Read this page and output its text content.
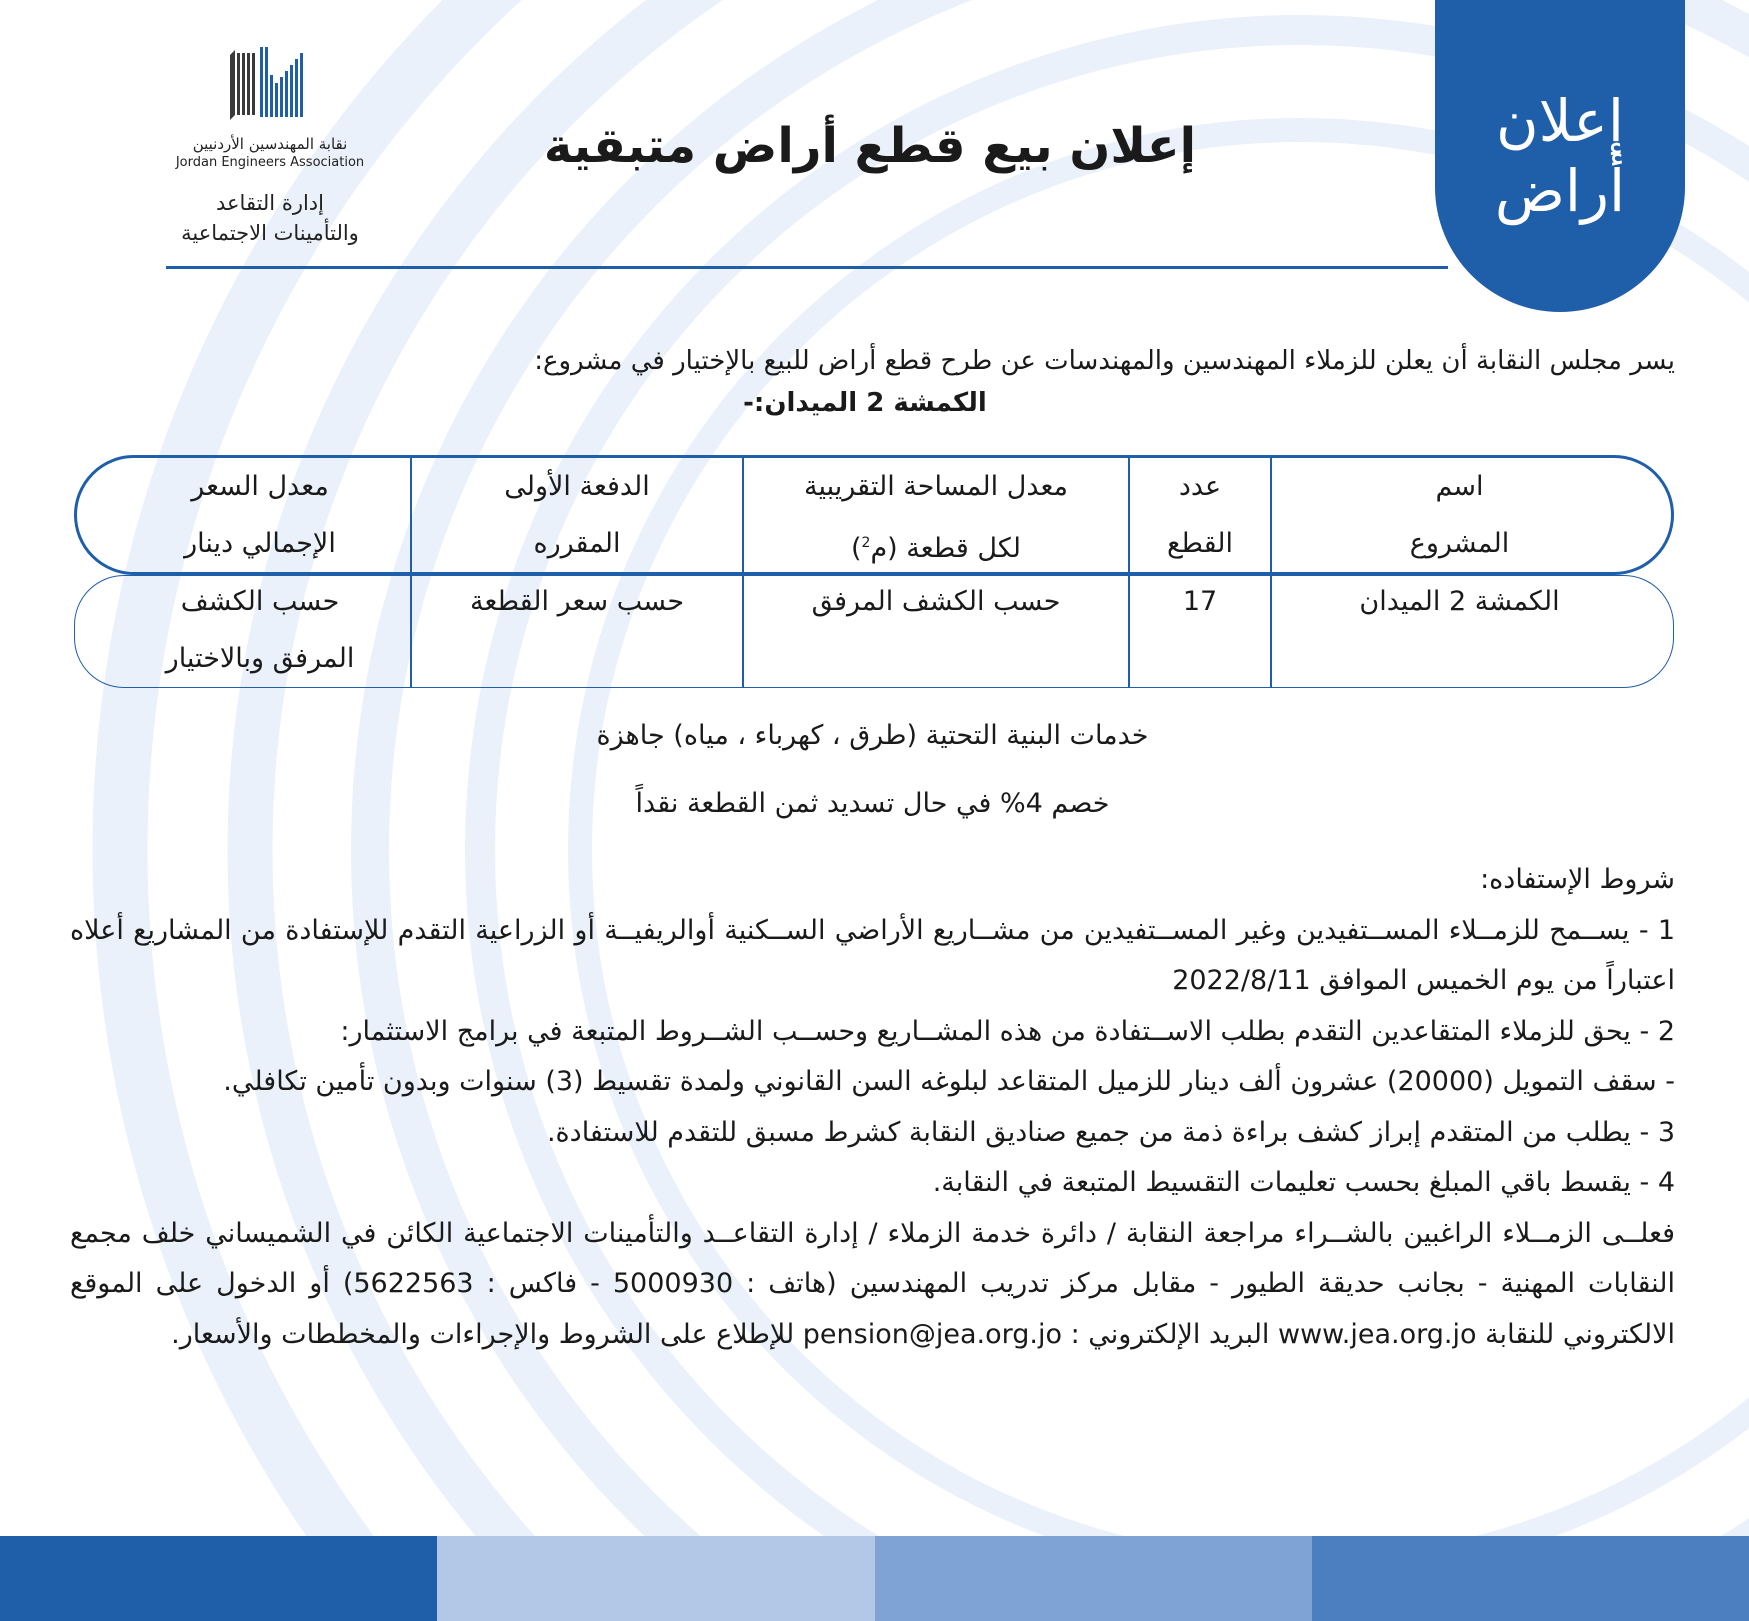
إعلان
أراض
نقابة المهندسين الأردنيين
Jordan Engineers Association
إدارة التقاعد
والتأمينات الاجتماعية
إعلان بيع قطع أراض متبقية
يسر مجلس النقابة أن يعلن للزملاء المهندسين والمهندسات عن طرح قطع أراض للبيع بالإختيار في مشروع:
الكمشة 2 الميدان:-
اسم
المشروع
عدد
القطع
معدل المساحة التقريبية
لكل قطعة (م$^2$)
الدفعة الأولى
المقرره
معدل السعر
الإجمالي دينار
الكمشة 2 الميدان
17
حسب الكشف المرفق
حسب سعر القطعة
حسب الكشف
المرفق وبالاختيار
خدمات البنية التحتية (طرق ، كهرباء ، مياه) جاهزة
خصم 4% في حال تسديد ثمن القطعة نقداً

شروط الإستفاده:

1 - يســمح للزمــلاء المســتفيدين وغير المســتفيدين من مشــاريع الأراضي الســكنية أوالريفيــة أو الزراعية التقدم للإستفادة من المشاريع أعلاه اعتباراً من يوم الخميس الموافق 2022/8/11

2 - يحق للزملاء المتقاعدين التقدم بطلب الاســتفادة من هذه المشــاريع وحســب الشــروط المتبعة في برامج الاستثمار:

- سقف التمويل (20000) عشرون ألف دينار للزميل المتقاعد لبلوغه السن القانوني ولمدة تقسيط (3) سنوات وبدون تأمين تكافلي.

3 - يطلب من المتقدم إبراز كشف براءة ذمة من جميع صناديق النقابة كشرط مسبق للتقدم للاستفادة.

4 - يقسط باقي المبلغ بحسب تعليمات التقسيط المتبعة في النقابة.

فعلــى الزمــلاء الراغبين بالشــراء مراجعة النقابة / دائرة خدمة الزملاء / إدارة التقاعــد والتأمينات الاجتماعية الكائن في الشميساني خلف مجمع النقابات المهنية - بجانب حديقة الطيور - مقابل مركز تدريب المهندسين (هاتف : 5000930 - فاكس : 5622563) أو الدخول على الموقع الالكتروني للنقابة www.jea.org.jo البريد الإلكتروني : pension@jea.org.jo للإطلاع على الشروط والإجراءات والمخططات والأسعار.
